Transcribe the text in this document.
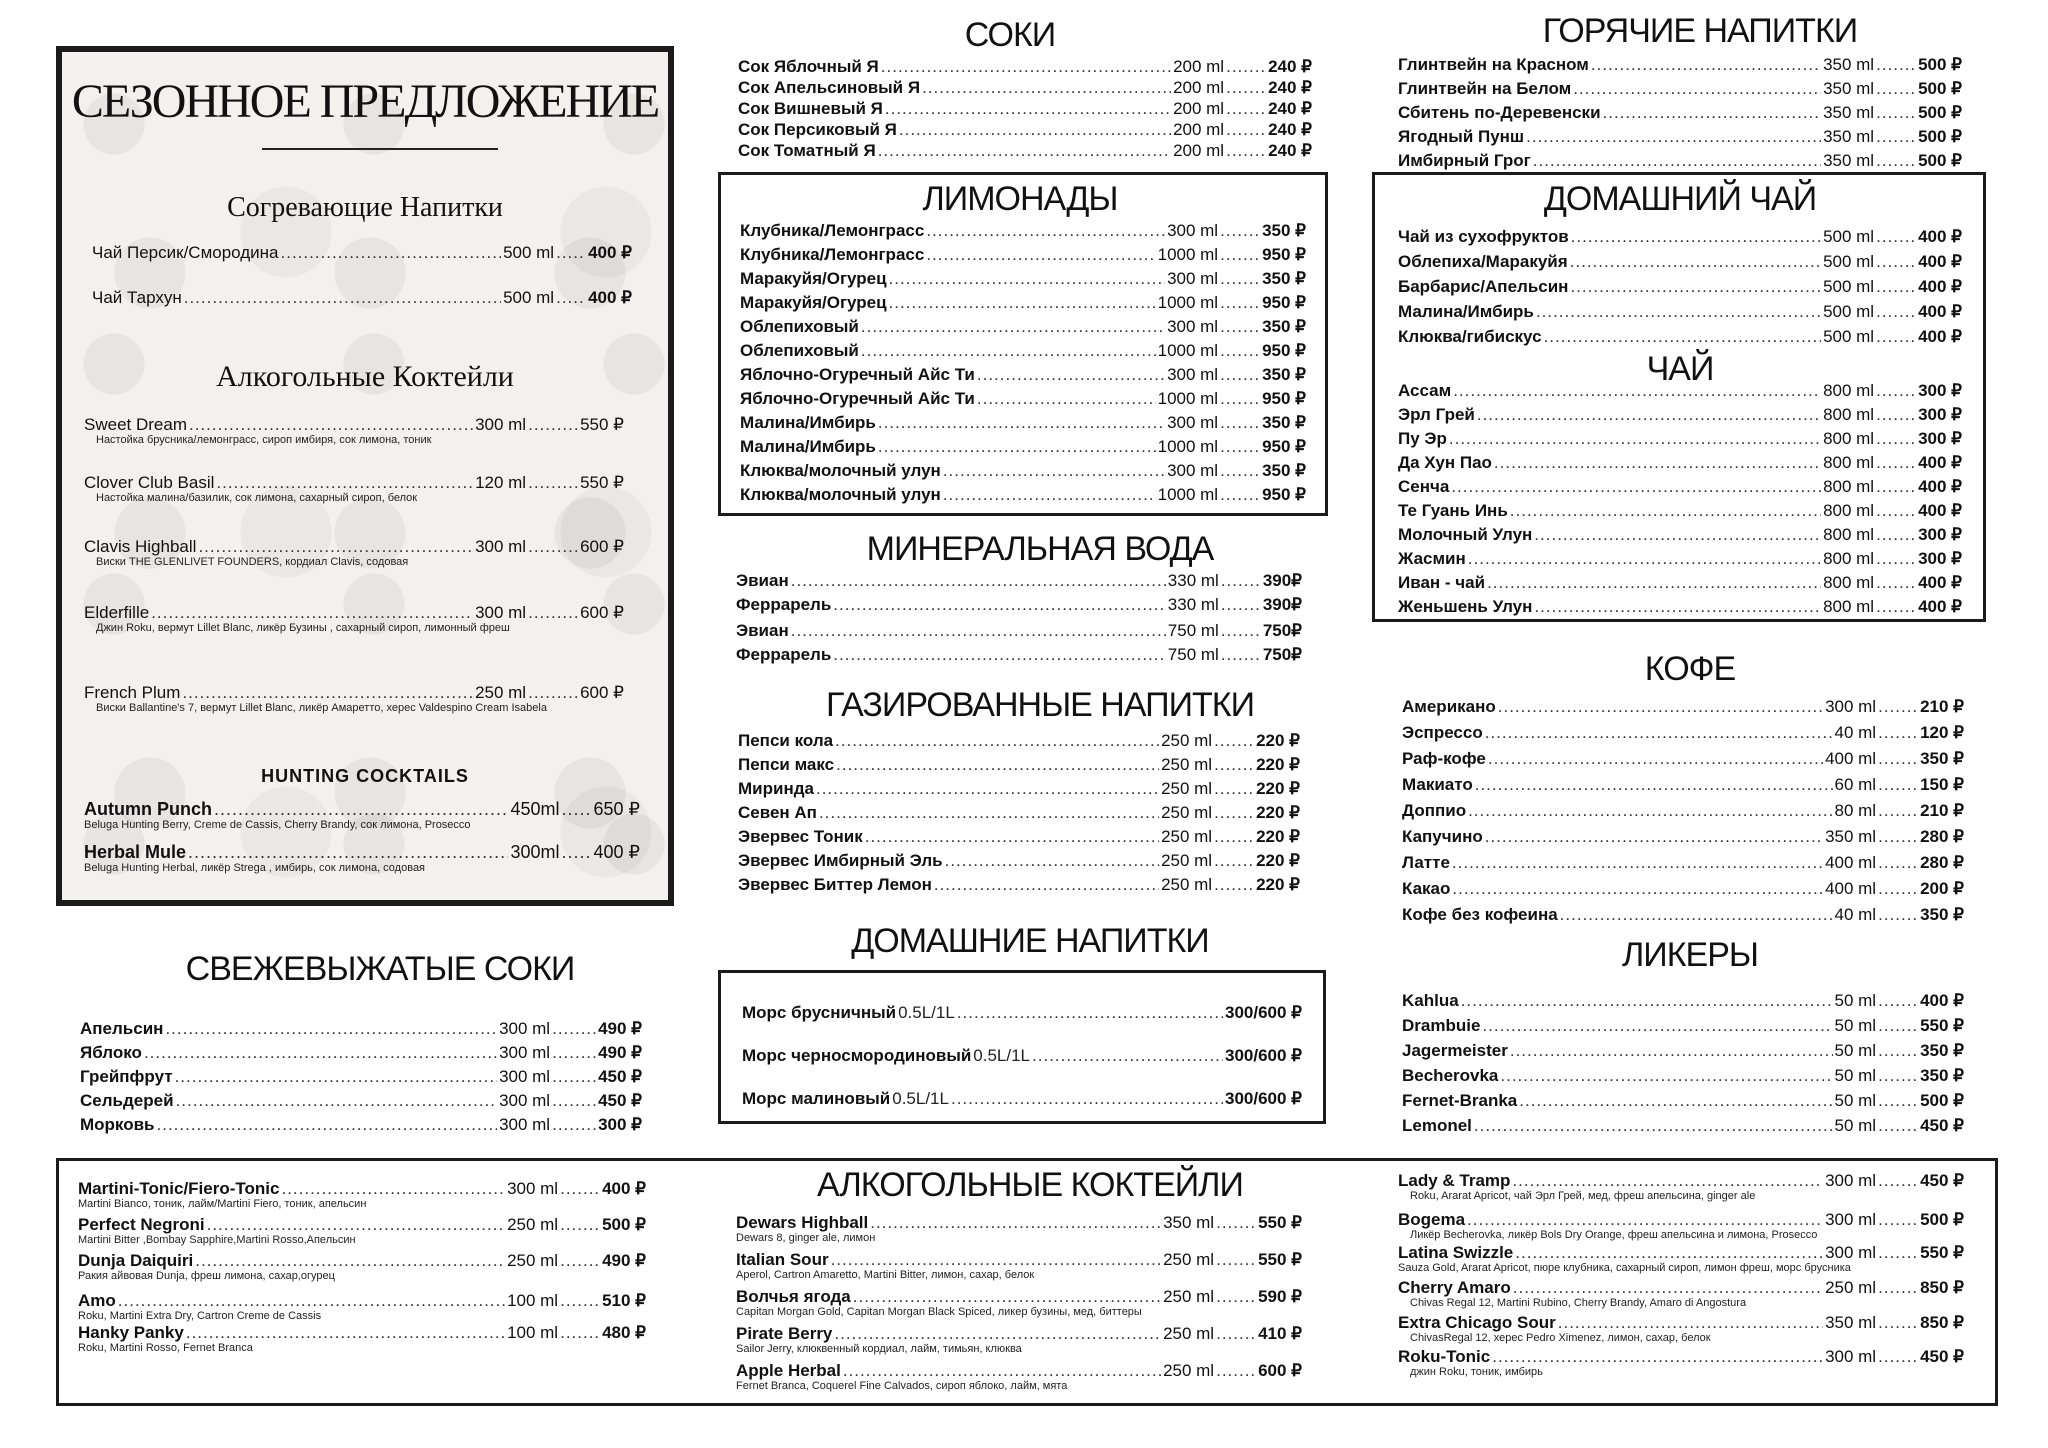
СЕЗОННОЕ ПРЕДЛОЖЕНИЕ
Согревающие Напитки
Чай Персик/Смородина .....	500 ml ..... 400 ₽
Чай Тархун .....	500 ml ..... 400 ₽
Алкогольные Коктейли
Sweet Dream .....	300 ml .....	550 ₽
Настойка брусника/лемонграсс, сироп имбиря, сок лимона, тоник
Clover Club Basil .....	120 ml .....	550 ₽
Настойка малина/базилик, сок лимона, сахарный сироп, белок
Clavis Highball .....	300 ml .....	600 ₽
Виски THE GLENLIVET FOUNDERS, кордиал Clavis, содовая
Elderfille .....	300 ml .....	600 ₽
Джин Roku, вермут Lillet Blanc, ликёр Бузины , сахарный сироп, лимонный фреш
French Plum .....	250 ml .....	600 ₽
Виски Ballantine's 7, вермут Lillet Blanc, ликёр Амаретто, херес Valdespino Cream Isabela
HUNTING COCKTAILS
Autumn Punch .....	450ml ..... 650 ₽
Beluga Hunting Berry, Creme de Cassis, Cherry Brandy, сок лимона, Prosecco
Herbal Mule .....	300ml ..... 400 ₽
Beluga Hunting Herbal, ликёр Strega , имбирь, сок лимона, содовая
СВЕЖЕВЫЖАТЫЕ СОКИ
Апельсин .....	300 ml .....	490 ₽
Яблоко .....	300 ml .....	490 ₽
Грейпфрут .....	300 ml .....	450 ₽
Сельдерей .....	300 ml .....	450 ₽
Морковь .....	300 ml .....	300 ₽
СОКИ
Сок Яблочный Я .....	200 ml .....	240 ₽
Сок Апельсиновый Я .....	200 ml .....	240 ₽
Сок Вишневый Я .....	200 ml .....	240 ₽
Сок Персиковый Я .....	200 ml .....	240 ₽
Сок Томатный Я .....	200 ml .....	240 ₽
ЛИМОНАДЫ
Клубника/Лемонграсс .....	300 ml .....	350 ₽
Клубника/Лемонграсс .....	1000 ml .....	950 ₽
Маракуйя/Огурец .....	300 ml .....	350 ₽
Маракуйя/Огурец .....	1000 ml .....	950 ₽
Облепиховый .....	300 ml .....	350 ₽
Облепиховый .....	1000 ml .....	950 ₽
Яблочно-Огуречный Айс Ти .....	300 ml .....	350 ₽
Яблочно-Огуречный Айс Ти .....	1000 ml .....	950 ₽
Малина/Имбирь .....	300 ml .....	350 ₽
Малина/Имбирь .....	1000 ml .....	950 ₽
Клюква/молочный улун .....	300 ml .....	350 ₽
Клюква/молочный улун .....	1000 ml .....	950 ₽
МИНЕРАЛЬНАЯ ВОДА
Эвиан .....	330 ml .....	390₽
Феррарель .....	330 ml .....	390₽
Эвиан .....	750 ml .....	750₽
Феррарель .....	750 ml .....	750₽
ГАЗИРОВАННЫЕ НАПИТКИ
Пепси кола .....	250 ml .....	220 ₽
Пепси макс .....	250 ml .....	220 ₽
Миринда .....	250 ml .....	220 ₽
Севен Ап .....	250 ml .....	220 ₽
Эвервес Тоник .....	250 ml .....	220 ₽
Эвервес Имбирный Эль .....	250 ml .....	220 ₽
Эвервес Биттер Лемон .....	250 ml .....	220 ₽
ДОМАШНИЕ НАПИТКИ
Морс брусничный 0.5L/1L .....	300/600 ₽
Морс черносмородиновый 0.5L/1L .....	300/600 ₽
Морс малиновый 0.5L/1L .....	300/600 ₽
ГОРЯЧИЕ НАПИТКИ
Глинтвейн на Красном .....	350 ml .....	500 ₽
Глинтвейн на Белом .....	350 ml .....	500 ₽
Сбитень по-Деревенски .....	350 ml .....	500 ₽
Ягодный Пунш .....	350 ml .....	500 ₽
Имбирный Грог .....	350 ml .....	500 ₽
ДОМАШНИЙ ЧАЙ
Чай из сухофруктов .....	500 ml .....	400 ₽
Облепиха/Маракуйя .....	500 ml .....	400 ₽
Барбарис/Апельсин .....	500 ml .....	400 ₽
Малина/Имбирь .....	500 ml .....	400 ₽
Клюква/гибискус .....	500 ml .....	400 ₽
ЧАЙ
Ассам .....	800 ml .....	300 ₽
Эрл Грей .....	800 ml .....	300 ₽
Пу Эр .....	800 ml .....	300 ₽
Да Хун Пао .....	800 ml .....	400 ₽
Сенча .....	800 ml .....	400 ₽
Те Гуань Инь .....	800 ml .....	400 ₽
Молочный Улун .....	800 ml .....	300 ₽
Жасмин .....	800 ml .....	300 ₽
Иван - чай .....	800 ml .....	400 ₽
Женьшень Улун .....	800 ml .....	400 ₽
КОФЕ
Американо .....	300 ml .....	210 ₽
Эспрессо .....	40 ml .....	120 ₽
Раф-кофе .....	400 ml .....	350 ₽
Макиато .....	60 ml .....	150 ₽
Доппио .....	80 ml .....	210 ₽
Капучино .....	350 ml .....	280 ₽
Латте .....	400 ml .....	280 ₽
Какао .....	400 ml .....	200 ₽
Кофе без кофеина .....	40 ml .....	350 ₽
ЛИКЕРЫ
Kahlua .....	50 ml .....	400 ₽
Drambuie .....	50 ml .....	550 ₽
Jagermeister .....	50 ml .....	350 ₽
Becherovka .....	50 ml .....	350 ₽
Fernet-Branka .....	50 ml .....	500 ₽
Lemonel .....	50 ml .....	450 ₽
АЛКОГОЛЬНЫЕ КОКТЕЙЛИ
Martini-Tonic/Fiero-Tonic .....	300 ml .....	400 ₽
Martini Bianco, тоник, лайм/Martini Fiero, тоник, апельсин
Perfect Negroni .....	250 ml .....	500 ₽
Martini Bitter ,Bombay Sapphire,Martini Rosso,Апельсин
Dunja Daiquiri .....	250 ml .....	490 ₽
Ракия айвовая Dunja, фреш лимона, сахар,огурец
Amo .....	100 ml .....	510 ₽
Roku, Martini Extra Dry, Cartron Creme de Cassis
Hanky Panky .....	100 ml .....	480 ₽
Roku, Martini Rosso, Fernet Branca
Dewars Highball .....	350 ml .....	550 ₽
Dewars 8, ginger ale, лимон
Italian Sour .....	250 ml .....	550 ₽
Aperol, Cartron Amaretto, Martini Bitter, лимон, сахар, белок
Волчья ягода .....	250 ml .....	590 ₽
Capitan Morgan Gold, Capitan Morgan Black Spiced, ликер бузины, мед, биттеры
Pirate Berry .....	250 ml .....	410 ₽
Sailor Jerry, клюквенный кордиал, лайм, тимьян, клюква
Apple Herbal .....	250 ml .....	600 ₽
Fernet Branca, Coquerel Fine Calvados, сироп яблоко, лайм, мята
Lady & Tramp .....	300 ml .....	450 ₽
Roku, Ararat Apricot, чай Эрл Грей, мед, фреш апельсина, ginger ale
Bogema .....	300 ml .....	500 ₽
Ликёр Becherovka, ликёр Bols Dry Orange, фреш апельсина и лимона, Prosecco
Latina Swizzle .....	300 ml .....	550 ₽
Sauza Gold, Ararat Apricot, пюре клубника, сахарный сироп, лимон фреш, морс брусника
Cherry Amaro .....	250 ml .....	850 ₽
Chivas Regal 12, Martini Rubino, Cherry Brandy, Amaro di Angostura
Extra Chicago Sour .....	350 ml .....	850 ₽
ChivasRegal 12, херес Pedro Ximenez, лимон, сахар, белок
Roku-Tonic .....	300 ml .....	450 ₽
джин Roku, тоник, имбирь
